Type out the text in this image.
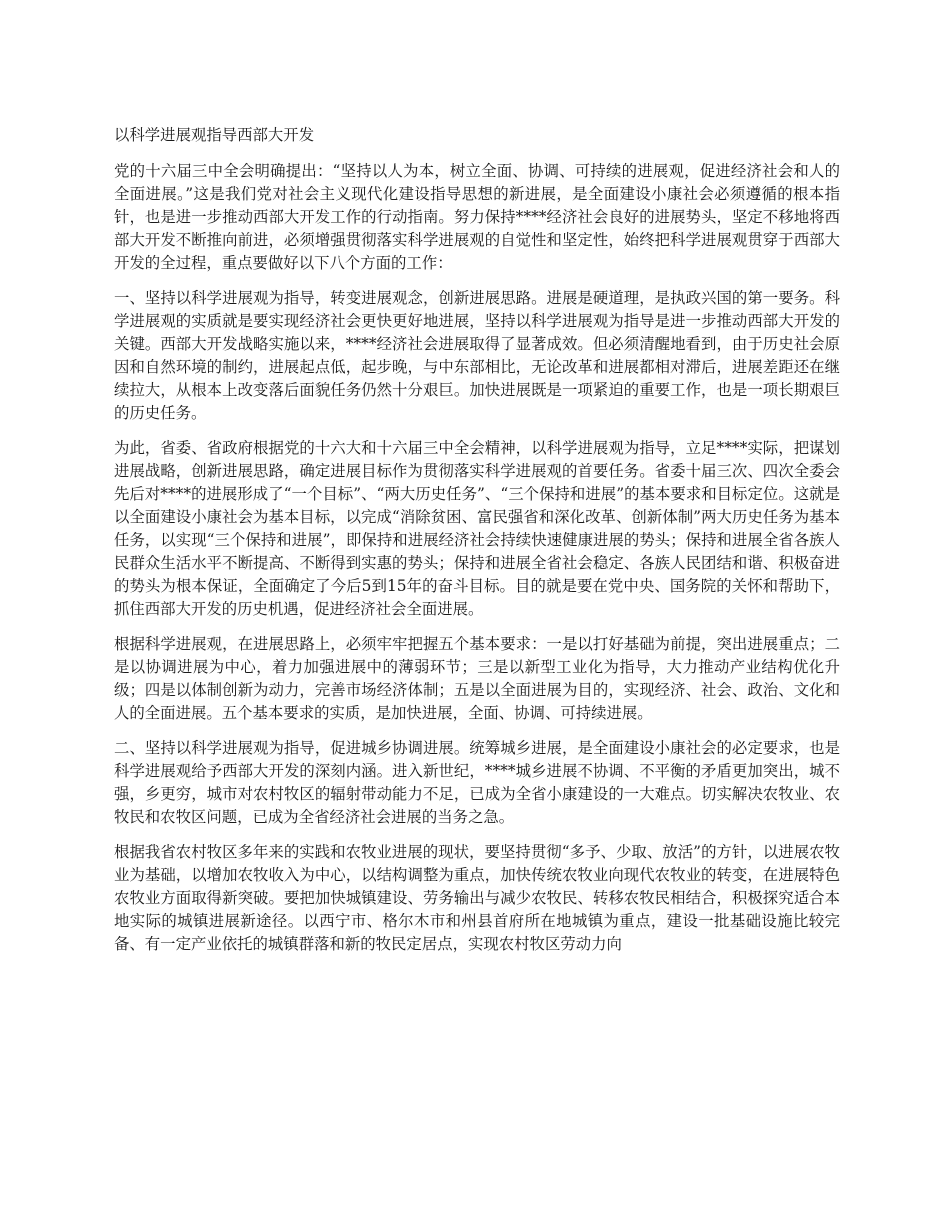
以科学进展观指导西部大开发

党的十六届三中全会明确提出：“坚持以人为本，树立全面、协调、可持续的进展观，促进经济社会和人的全面进展。”这是我们党对社会主义现代化建设指导思想的新进展，是全面建设小康社会必须遵循的根本指针，也是进一步推动西部大开发工作的行动指南。努力保持****经济社会良好的进展势头，坚定不移地将西部大开发不断推向前进，必须增强贯彻落实科学进展观的自觉性和坚定性，始终把科学进展观贯穿于西部大开发的全过程，重点要做好以下八个方面的工作：

一、坚持以科学进展观为指导，转变进展观念，创新进展思路。进展是硬道理，是执政兴国的第一要务。科学进展观的实质就是要实现经济社会更快更好地进展，坚持以科学进展观为指导是进一步推动西部大开发的关键。西部大开发战略实施以来，****经济社会进展取得了显著成效。但必须清醒地看到，由于历史社会原因和自然环境的制约，进展起点低，起步晚，与中东部相比，无论改革和进展都相对滞后，进展差距还在继续拉大，从根本上改变落后面貌任务仍然十分艰巨。加快进展既是一项紧迫的重要工作，也是一项长期艰巨的历史任务。

为此，省委、省政府根据党的十六大和十六届三中全会精神，以科学进展观为指导，立足****实际，把谋划进展战略，创新进展思路，确定进展目标作为贯彻落实科学进展观的首要任务。省委十届三次、四次全委会先后对****的进展形成了“一个目标”、“两大历史任务”、“三个保持和进展”的基本要求和目标定位。这就是以全面建设小康社会为基本目标，以完成“消除贫困、富民强省和深化改革、创新体制”两大历史任务为基本任务，以实现“三个保持和进展”，即保持和进展经济社会持续快速健康进展的势头；保持和进展全省各族人民群众生活水平不断提高、不断得到实惠的势头；保持和进展全省社会稳定、各族人民团结和谐、积极奋进的势头为根本保证，全面确定了今后5到15年的奋斗目标。目的就是要在党中央、国务院的关怀和帮助下，抓住西部大开发的历史机遇，促进经济社会全面进展。

根据科学进展观，在进展思路上，必须牢牢把握五个基本要求：一是以打好基础为前提，突出进展重点；二是以协调进展为中心，着力加强进展中的薄弱环节；三是以新型工业化为指导，大力推动产业结构优化升级；四是以体制创新为动力，完善市场经济体制；五是以全面进展为目的，实现经济、社会、政治、文化和人的全面进展。五个基本要求的实质，是加快进展，全面、协调、可持续进展。

二、坚持以科学进展观为指导，促进城乡协调进展。统筹城乡进展，是全面建设小康社会的必定要求，也是科学进展观给予西部大开发的深刻内涵。进入新世纪，****城乡进展不协调、不平衡的矛盾更加突出，城不强，乡更穷，城市对农村牧区的辐射带动能力不足，已成为全省小康建设的一大难点。切实解决农牧业、农牧民和农牧区问题，已成为全省经济社会进展的当务之急。

根据我省农村牧区多年来的实践和农牧业进展的现状，要坚持贯彻“多予、少取、放活”的方针，以进展农牧业为基础，以增加农牧收入为中心，以结构调整为重点，加快传统农牧业向现代农牧业的转变，在进展特色农牧业方面取得新突破。要把加快城镇建设、劳务输出与减少农牧民、转移农牧民相结合，积极探究适合本地实际的城镇进展新途径。以西宁市、格尔木市和州县首府所在地城镇为重点，建设一批基础设施比较完备、有一定产业依托的城镇群落和新的牧民定居点，实现农村牧区劳动力向
